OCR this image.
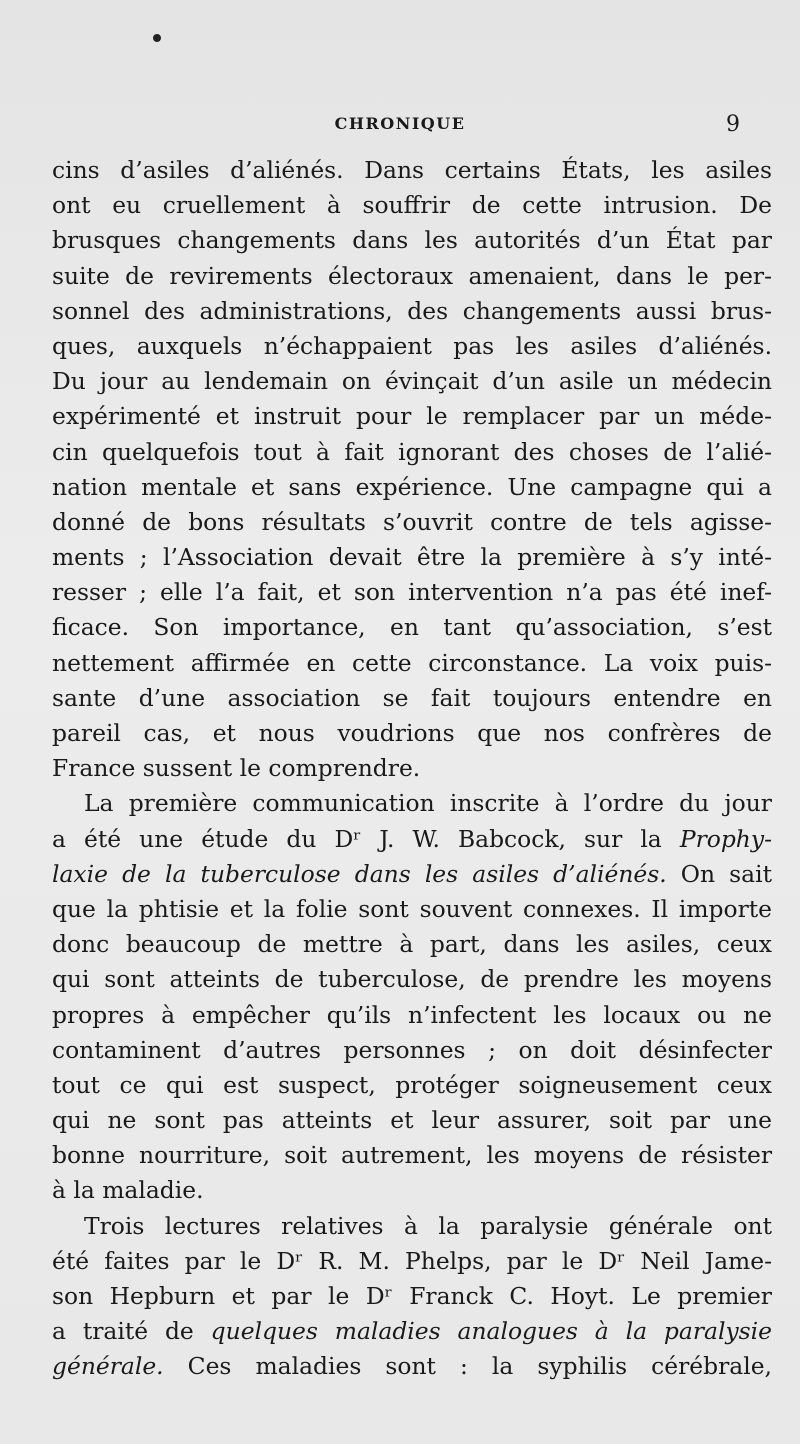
CHRONIQUE	9
cins d’asiles d’aliénés. Dans certains États, les asiles
ont eu cruellement à souffrir de cette intrusion. De
brusques changements dans les autorités d’un État par
suite de revirements électoraux amenaient, dans le per-
sonnel des administrations, des changements aussi brus-
ques, auxquels n’échappaient pas les asiles d’aliénés.
Du jour au lendemain on évinçait d’un asile un médecin
expérimenté et instruit pour le remplacer par un méde-
cin quelquefois tout à fait ignorant des choses de l’alié-
nation mentale et sans expérience. Une campagne qui a
donné de bons résultats s’ouvrit contre de tels agisse-
ments ; l’Association devait être la première à s’y inté-
resser ; elle l’a fait, et son intervention n’a pas été inef-
ficace. Son importance, en tant qu’association, s’est
nettement affirmée en cette circonstance. La voix puis-
sante d’une association se fait toujours entendre en
pareil cas, et nous voudrions que nos confrères de
France sussent le comprendre.
La première communication inscrite à l’ordre du jour
a été une étude du Dʳ J. W. Babcock, sur la Prophy-
laxie de la tuberculose dans les asiles d’aliénés. On sait
que la phtisie et la folie sont souvent connexes. Il importe
donc beaucoup de mettre à part, dans les asiles, ceux
qui sont atteints de tuberculose, de prendre les moyens
propres à empêcher qu’ils n’infectent les locaux ou ne
contaminent d’autres personnes ; on doit désinfecter
tout ce qui est suspect, protéger soigneusement ceux
qui ne sont pas atteints et leur assurer, soit par une
bonne nourriture, soit autrement, les moyens de résister
à la maladie.
Trois lectures relatives à la paralysie générale ont
été faites par le Dʳ R. M. Phelps, par le Dʳ Neil Jame-
son Hepburn et par le Dʳ Franck C. Hoyt. Le premier
a traité de quelques maladies analogues à la paralysie
générale. Ces maladies sont : la syphilis cérébrale,
